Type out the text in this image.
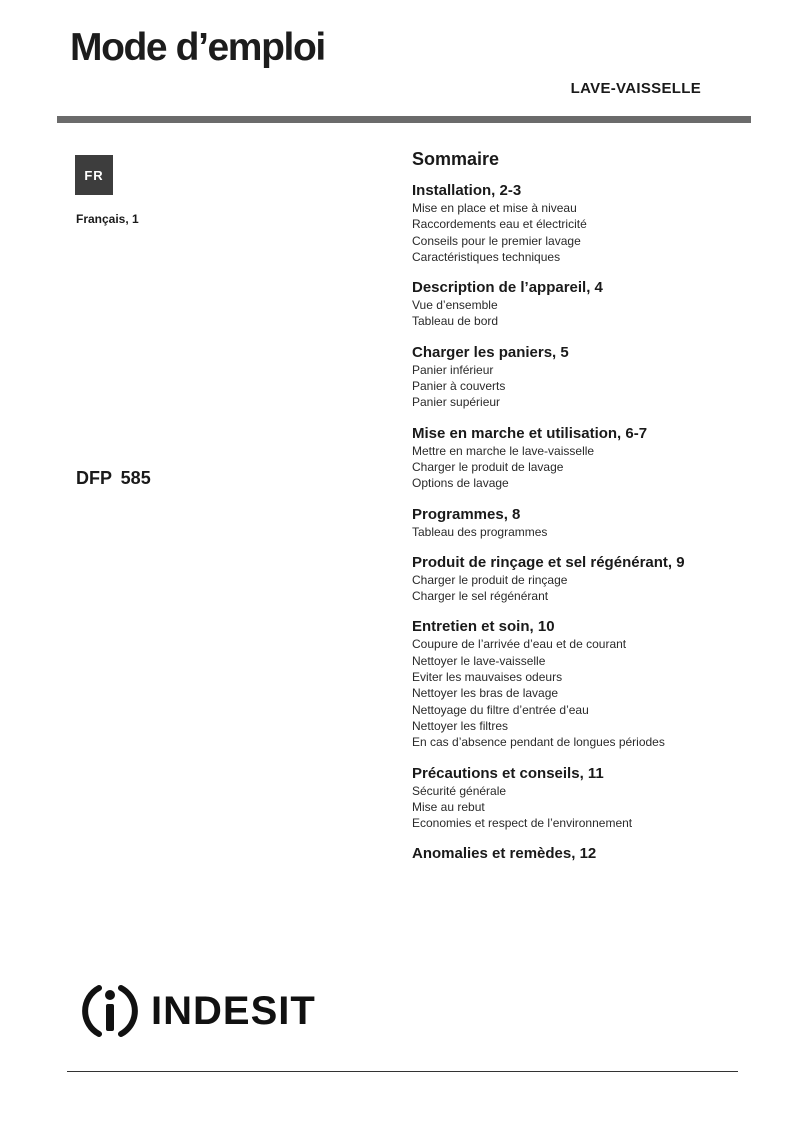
Mode d’emploi
LAVE-VAISSELLE
FR
Français, 1
DFP 585
Sommaire
Installation, 2-3
Mise en place et mise à niveau
Raccordements eau et électricité
Conseils pour le premier lavage
Caractéristiques techniques
Description de l’appareil, 4
Vue d’ensemble
Tableau de bord
Charger les paniers, 5
Panier inférieur
Panier à couverts
Panier supérieur
Mise en marche et utilisation, 6-7
Mettre en marche le lave-vaisselle
Charger le produit de lavage
Options de lavage
Programmes, 8
Tableau des programmes
Produit de rinçage et sel régénérant, 9
Charger le produit de rinçage
Charger le sel régénérant
Entretien et soin, 10
Coupure de l’arrivée d’eau et de courant
Nettoyer le lave-vaisselle
Eviter les mauvaises odeurs
Nettoyer les bras de lavage
Nettoyage du filtre d’entrée d’eau
Nettoyer les filtres
En cas d’absence pendant de longues périodes
Précautions et conseils, 11
Sécurité générale
Mise au rebut
Economies et respect de l’environnement
Anomalies et remèdes, 12
INDESIT
